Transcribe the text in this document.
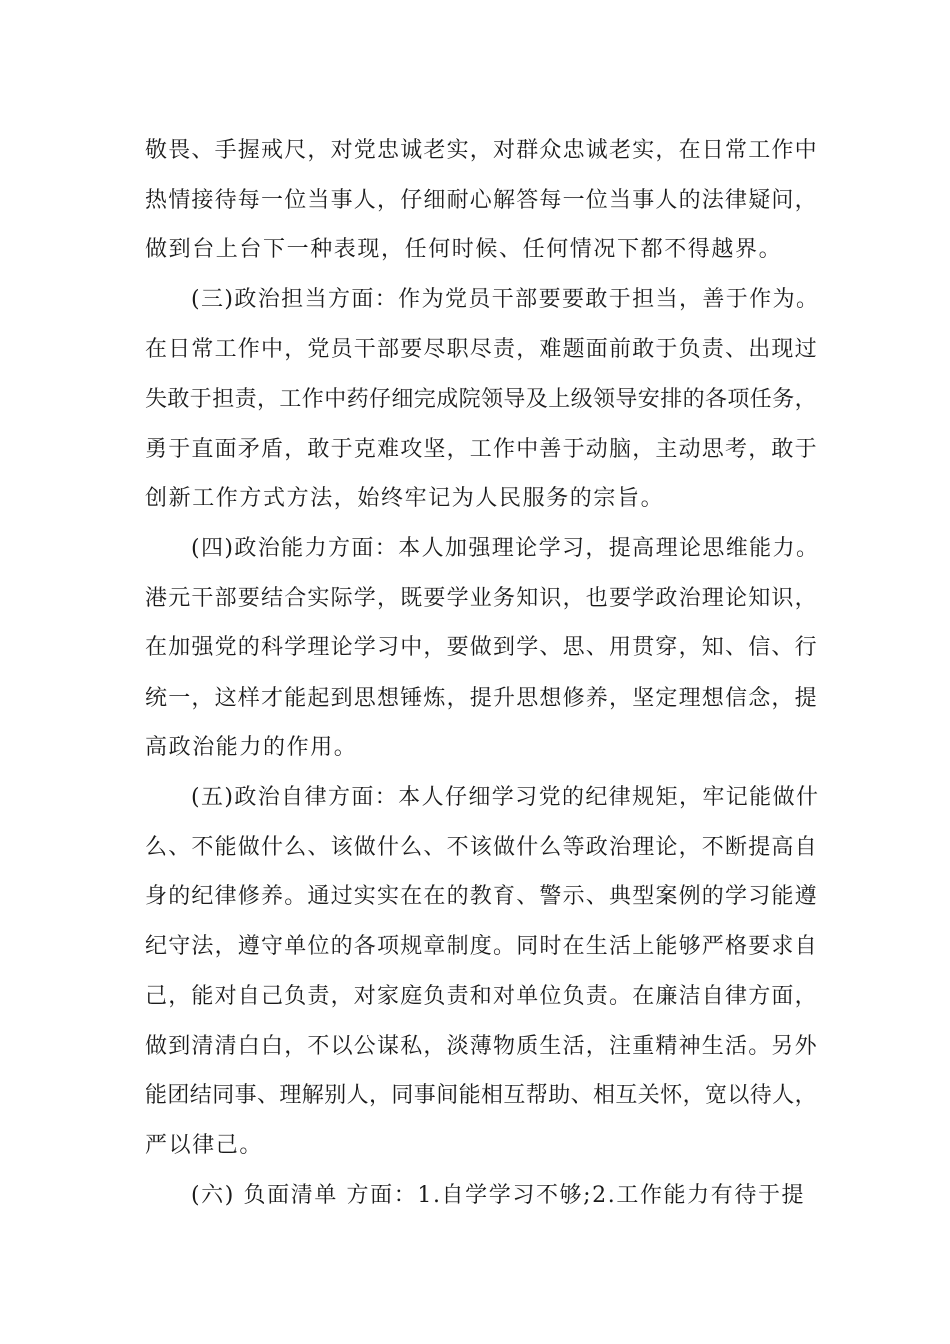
敬畏、手握戒尺，对党忠诚老实，对群众忠诚老实，在日常工作中
热情接待每一位当事人，仔细耐心解答每一位当事人的法律疑问，
做到台上台下一种表现，任何时候、任何情况下都不得越界。
(三)政治担当方面：作为党员干部要要敢于担当，善于作为。
在日常工作中，党员干部要尽职尽责，难题面前敢于负责、出现过
失敢于担责，工作中药仔细完成院领导及上级领导安排的各项任务，
勇于直面矛盾，敢于克难攻坚，工作中善于动脑，主动思考，敢于
创新工作方式方法，始终牢记为人民服务的宗旨。
(四)政治能力方面：本人加强理论学习，提高理论思维能力。
港元干部要结合实际学，既要学业务知识，也要学政治理论知识，
在加强党的科学理论学习中，要做到学、思、用贯穿，知、信、行
统一，这样才能起到思想锤炼，提升思想修养，坚定理想信念，提
高政治能力的作用。
(五)政治自律方面：本人仔细学习党的纪律规矩，牢记能做什
么、不能做什么、该做什么、不该做什么等政治理论，不断提高自
身的纪律修养。通过实实在在的教育、警示、典型案例的学习能遵
纪守法，遵守单位的各项规章制度。同时在生活上能够严格要求自
己，能对自己负责，对家庭负责和对单位负责。在廉洁自律方面，
做到清清白白，不以公谋私，淡薄物质生活，注重精神生活。另外
能团结同事、理解别人，同事间能相互帮助、相互关怀，宽以待人，
严以律己。
(六) 负面清单 方面：1.自学学习不够;2.工作能力有待于提
